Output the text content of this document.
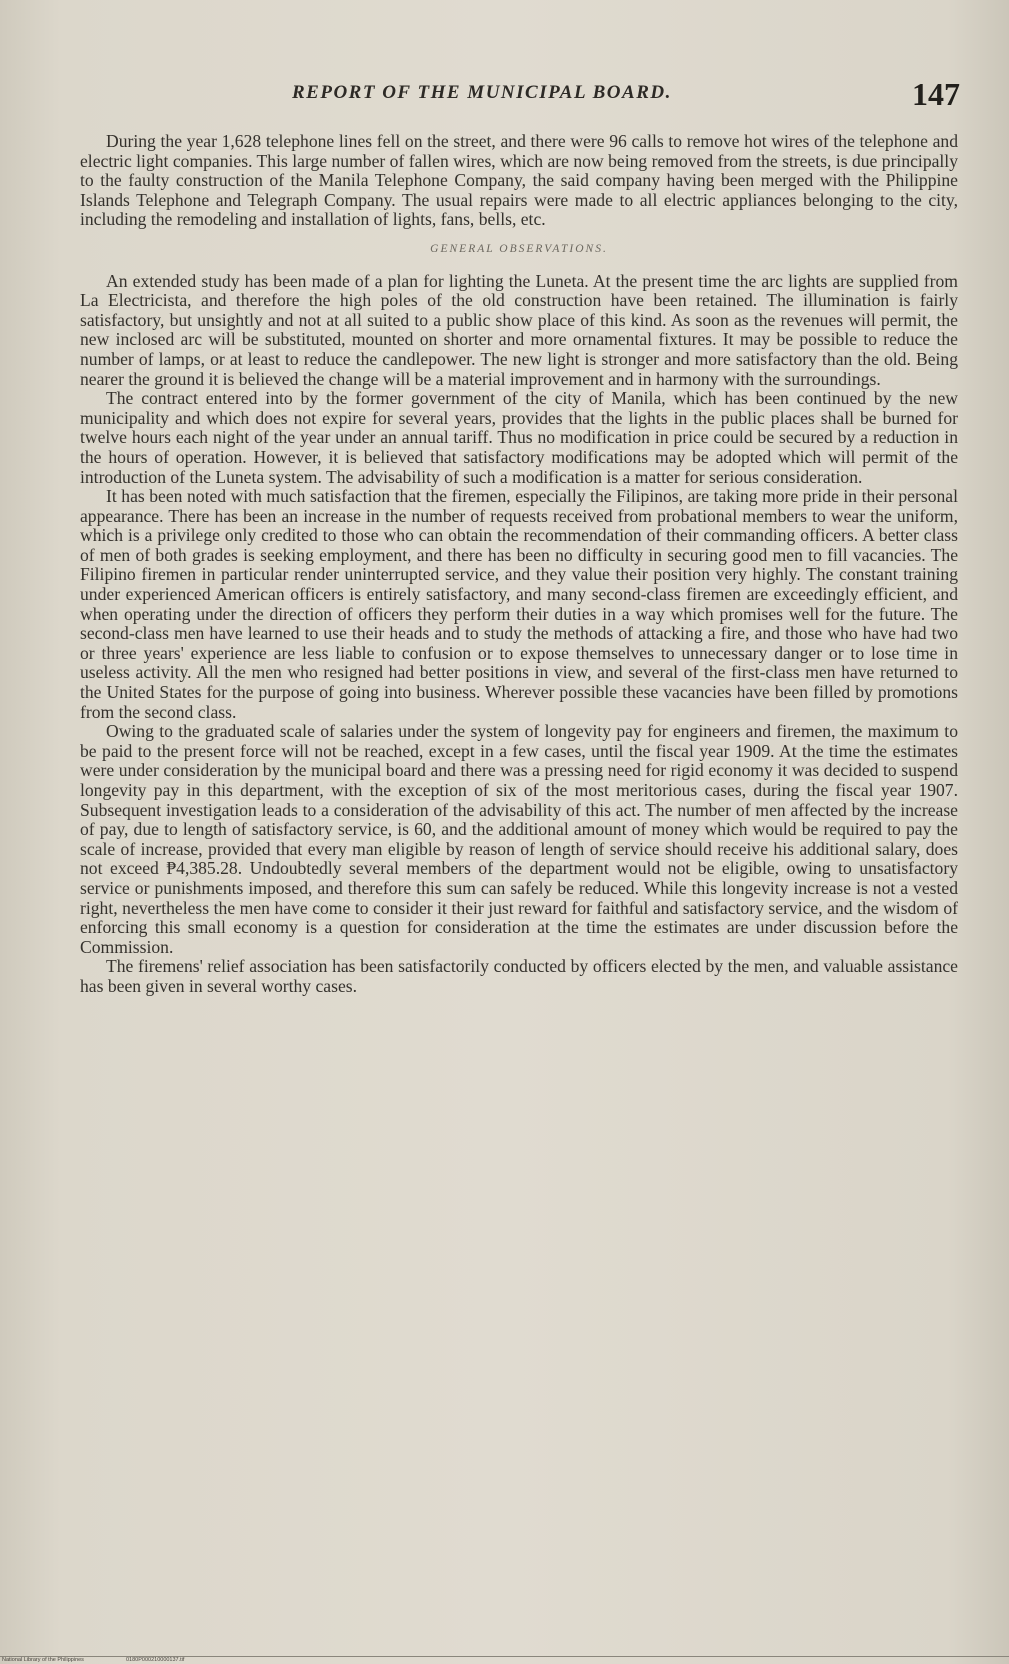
REPORT OF THE MUNICIPAL BOARD.	147

During the year 1,628 telephone lines fell on the street, and there were 96 calls to remove hot wires of the telephone and electric light companies. This large number of fallen wires, which are now being removed from the streets, is due principally to the faulty construction of the Manila Telephone Company, the said company having been merged with the Philippine Islands Telephone and Telegraph Company. The usual repairs were made to all electric appliances belonging to the city, including the remodeling and installation of lights, fans, bells, etc.

GENERAL OBSERVATIONS.

An extended study has been made of a plan for lighting the Luneta. At the present time the arc lights are supplied from La Electricista, and therefore the high poles of the old construction have been retained. The illumination is fairly satisfactory, but unsightly and not at all suited to a public show place of this kind. As soon as the revenues will permit, the new inclosed arc will be substituted, mounted on shorter and more ornamental fixtures. It may be possible to reduce the number of lamps, or at least to reduce the candlepower. The new light is stronger and more satisfactory than the old. Being nearer the ground it is believed the change will be a material improvement and in harmony with the surroundings.

The contract entered into by the former government of the city of Manila, which has been continued by the new municipality and which does not expire for several years, provides that the lights in the public places shall be burned for twelve hours each night of the year under an annual tariff. Thus no modification in price could be secured by a reduction in the hours of operation. However, it is believed that satisfactory modifications may be adopted which will permit of the introduction of the Luneta system. The advisability of such a modification is a matter for serious consideration.

It has been noted with much satisfaction that the firemen, especially the Filipinos, are taking more pride in their personal appearance. There has been an increase in the number of requests received from probational members to wear the uniform, which is a privilege only credited to those who can obtain the recommendation of their commanding officers. A better class of men of both grades is seeking employment, and there has been no difficulty in securing good men to fill vacancies. The Filipino firemen in particular render uninterrupted service, and they value their position very highly. The constant training under experienced American officers is entirely satisfactory, and many second-class firemen are exceedingly efficient, and when operating under the direction of officers they perform their duties in a way which promises well for the future. The second-class men have learned to use their heads and to study the methods of attacking a fire, and those who have had two or three years' experience are less liable to confusion or to expose themselves to unnecessary danger or to lose time in useless activity. All the men who resigned had better positions in view, and several of the first-class men have returned to the United States for the purpose of going into business. Wherever possible these vacancies have been filled by promotions from the second class.

Owing to the graduated scale of salaries under the system of longevity pay for engineers and firemen, the maximum to be paid to the present force will not be reached, except in a few cases, until the fiscal year 1909. At the time the estimates were under consideration by the municipal board and there was a pressing need for rigid economy it was decided to suspend longevity pay in this department, with the exception of six of the most meritorious cases, during the fiscal year 1907. Subsequent investigation leads to a consideration of the advisability of this act. The number of men affected by the increase of pay, due to length of satisfactory service, is 60, and the additional amount of money which would be required to pay the scale of increase, provided that every man eligible by reason of length of service should receive his additional salary, does not exceed ₱4,385.28. Undoubtedly several members of the department would not be eligible, owing to unsatisfactory service or punishments imposed, and therefore this sum can safely be reduced. While this longevity increase is not a vested right, nevertheless the men have come to consider it their just reward for faithful and satisfactory service, and the wisdom of enforcing this small economy is a question for consideration at the time the estimates are under discussion before the Commission.

The firemens' relief association has been satisfactorily conducted by officers elected by the men, and valuable assistance has been given in several worthy cases.

National Library of the Philippines	0180P000210000137.tif
